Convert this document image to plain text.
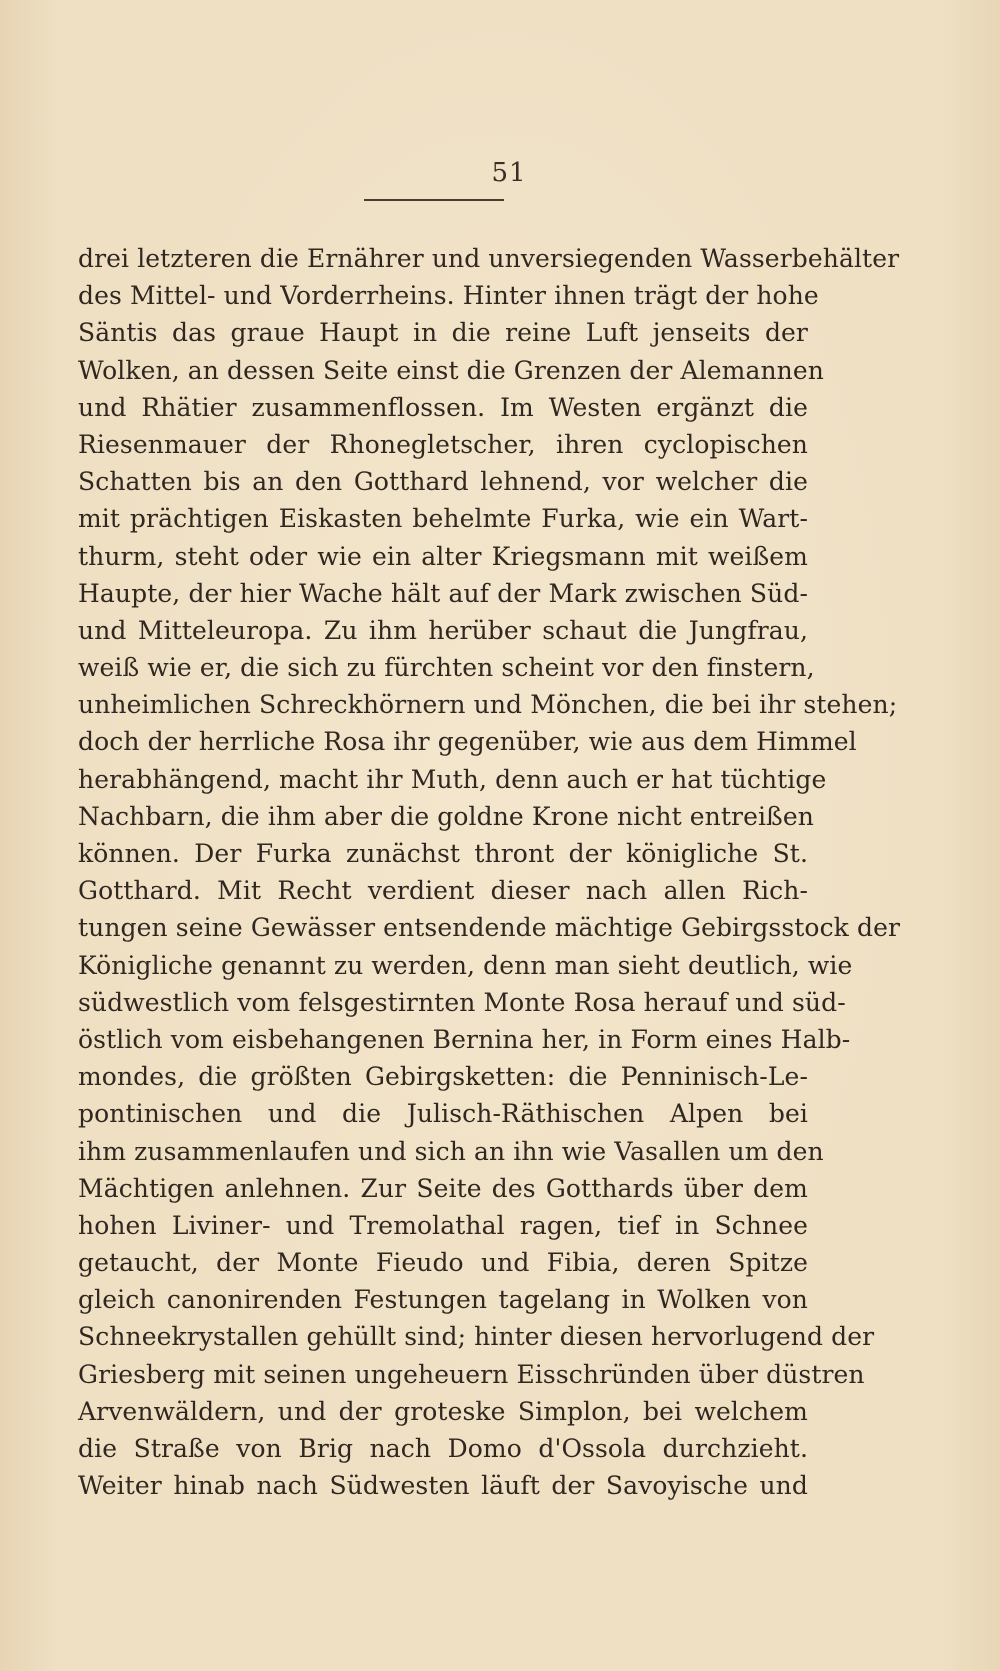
51
drei letzteren die Ernährer und unversiegenden Wasserbehälter
des Mittel- und Vorderrheins. Hinter ihnen trägt der hohe
Säntis das graue Haupt in die reine Luft jenseits der
Wolken, an dessen Seite einst die Grenzen der Alemannen
und Rhätier zusammenflossen. Im Westen ergänzt die
Riesenmauer der Rhonegletscher, ihren cyclopischen
Schatten bis an den Gotthard lehnend, vor welcher die
mit prächtigen Eiskasten behelmte Furka, wie ein Wart-
thurm, steht oder wie ein alter Kriegsmann mit weißem
Haupte, der hier Wache hält auf der Mark zwischen Süd-
und Mitteleuropa. Zu ihm herüber schaut die Jungfrau,
weiß wie er, die sich zu fürchten scheint vor den finstern,
unheimlichen Schreckhörnern und Mönchen, die bei ihr stehen;
doch der herrliche Rosa ihr gegenüber, wie aus dem Himmel
herabhängend, macht ihr Muth, denn auch er hat tüchtige
Nachbarn, die ihm aber die goldne Krone nicht entreißen
können. Der Furka zunächst thront der königliche St.
Gotthard. Mit Recht verdient dieser nach allen Rich-
tungen seine Gewässer entsendende mächtige Gebirgsstock der
Königliche genannt zu werden, denn man sieht deutlich, wie
südwestlich vom felsgestirnten Monte Rosa herauf und süd-
östlich vom eisbehangenen Bernina her, in Form eines Halb-
mondes, die größten Gebirgsketten: die Penninisch-Le-
pontinischen und die Julisch-Räthischen Alpen bei
ihm zusammenlaufen und sich an ihn wie Vasallen um den
Mächtigen anlehnen. Zur Seite des Gotthards über dem
hohen Liviner- und Tremolathal ragen, tief in Schnee
getaucht, der Monte Fieudo und Fibia, deren Spitze
gleich canonirenden Festungen tagelang in Wolken von
Schneekrystallen gehüllt sind; hinter diesen hervorlugend der
Griesberg mit seinen ungeheuern Eisschründen über düstren
Arvenwäldern, und der groteske Simplon, bei welchem
die Straße von Brig nach Domo d'Ossola durchzieht.
Weiter hinab nach Südwesten läuft der Savoyische und
